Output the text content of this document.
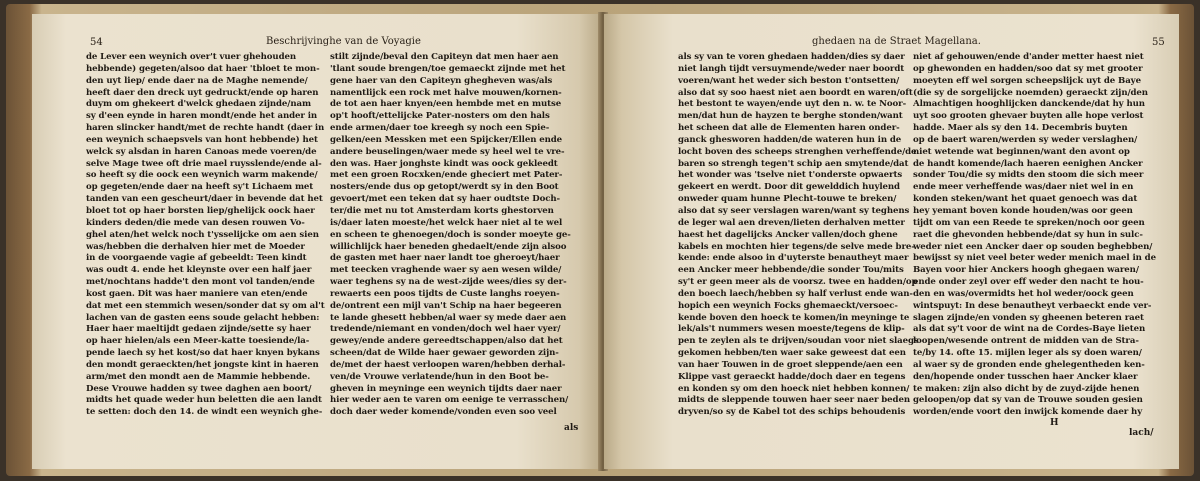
54	Beschrijvinghe van de Voyagie
de Lever een weynich over't vuer ghehouden
hebbende) gegeten/alsoo dat haer 'tbloet te mon-
den uyt liep/ ende daer na de Maghe nemende/
heeft daer den dreck uyt gedruckt/ende op haren
duym om ghekeert d'welck ghedaen zijnde/nam
sy d'een eynde in haren mondt/ende het ander in
haren slincker handt/met de rechte handt (daer in
een weynich schaepsvels van hont hebbende) het
welck sy alsdan in haren Canoas mede voeren/de
selve Mage twee oft drie mael ruysslende/ende al-
so heeft sy die oock een weynich warm makende/
op gegeten/ende daer na heeft sy't Lichaem met
tanden van een gescheurt/daer in bevende dat het
bloet tot op haer borsten liep/ghelijck oock haer
kinders deden/die mede van desen rouwen Vo-
ghel aten/het welck noch t'ysselijcke om aen sien
was/hebben die derhalven hier met de Moeder
in de voorgaende vagie af gebeeldt: Teen kindt
was oudt 4. ende het kleynste over een half jaer
met/nochtans hadde't den mont vol tanden/ende
kost gaen. Dit was haer maniere van eten/ende
dat met een stemmich wesen/sonder dat sy om al't
lachen van de gasten eens soude gelacht hebben:
Haer haer maeltijdt gedaen zijnde/sette sy haer
op haer hielen/als een Meer-katte toesiende/la-
pende laech sy het kost/so dat haer knyen bykans
den mondt geraeckten/het jongste kint in haeren
arm/met den mondt aen de Mammie hebbende.
Dese Vrouwe hadden sy twee daghen aen boort/
midts het quade weder hun beletten die aen landt
te setten: doch den 14. de windt een weynich ghe-
stilt zijnde/beval den Capiteyn dat men haer aen
'tlant soude brengen/toe gemaeckt zijnde met het
gene haer van den Capiteyn ghegheven was/als
namentlijck een rock met halve mouwen/kornen-
de tot aen haer knyen/een hembde met en mutse
op't hooft/ettelijcke Pater-nosters om den hals
ende armen/daer toe kreegh sy noch een Spie-
gelken/een Messken met een Spijcker/Ellen ende
andere beuselingen/waer mede sy heel wel te vre-
den was. Haer jonghste kindt was oock gekleedt
met een groen Rocxken/ende gheciert met Pater-
nosters/ende dus op getopt/werdt sy in den Boot
gevoert/met een teken dat sy haer oudtste Doch-
ter/die met nu tot Amsterdam korts ghestorven
is/daer laten moeste/het welck haer niet al te wel
en scheen te ghenoegen/doch is sonder moeyte ge-
willichlijck haer beneden ghedaelt/ende zijn alsoo
de gasten met haer naer landt toe gheroeyt/haer
met teecken vraghende waer sy aen wesen wilde/
waer teghens sy na de west-zijde wees/dies sy der-
rewaerts een poos tijdts de Custe langhs roeyen-
de/ontrent een mijl van't Schip na haer begeeren
te lande ghesett hebben/al waer sy mede daer aen
tredende/niemant en vonden/doch wel haer vyer/
gewey/ende andere gereedtschappen/also dat het
scheen/dat de Wilde haer gewaer geworden zijn-
de/met der haest verloopen waren/hebben derhal-
ven/de Vrouwe verlatende/hun in den Boot be-
gheven in meyninge een weynich tijdts daer naer
hier weder aen te varen om eenige te verrasschen/
doch daer weder komende/vonden even soo veel
als
ghedaen na de Straet Magellana.	55
als sy van te voren ghedaen hadden/dies sy daer
niet langh tijdt versuymende/weder naer boordt
voeren/want het weder sich beston t'ontsetten/
also dat sy soo haest niet aen boordt en waren/oft
het bestont te wayen/ende uyt den n. w. te Noor-
men/dat hun de hayzen te berghe stonden/want
het scheen dat alle de Elementen haren onder-
ganck ghesworen hadden/de wateren hun in de
locht boven des scheeps strenghen verheffende/de
baren so strengh tegen't schip aen smytende/dat
het wonder was 'tselve niet t'onderste opwaerts
gekeert en werdt. Door dit gewelddich huylend
onweder quam hunne Plecht-touwe te breken/
also dat sy seer verslagen waren/want sy teghens
de leger wal aen dreven/lieten derhalven metter
haest het dagelijcks Ancker vallen/doch ghene
kabels en mochten hier tegens/de selve mede bre-
kende: ende alsoo in d'uyterste benautheyt maer
een Ancker meer hebbende/die sonder Tou/mits
sy't er geen meer als de voorsz. twee en hadden/op
den boech laech/hebben sy half verlust ende wan-
hopich een weynich Focks ghemaeckt/versoec-
kende boven den hoeck te komen/in meyninge te
lek/als't nummers wesen moeste/tegens de klip-
pen te zeylen als te drijven/soudan voor niet slaegs
gekomen hebben/ten waer sake geweest dat een
van haer Touwen in de groet sleppende/aen een
Klippe vast geraeckt hadde/doch daer en tegens
en konden sy om den hoeck niet hebben konnen/
midts de sleppende touwen haer seer naer beden
dryven/so sy de Kabel tot des schips behoudenis
niet af gehouwen/ende d'ander metter haest niet
op ghewonden en hadden/soo dat sy met grooter
moeyten eff wel sorgen scheepslijck uyt de Baye
(die sy de sorgelijcke noemden) geraeckt zijn/den
Almachtigen hooghlijcken danckende/dat hy hun
uyt soo grooten ghevaer buyten alle hope verlost
hadde. Maer als sy den 14. Decembris buyten
op de baert waren/werden sy weder verslaghen/
niet wetende wat beginnen/want den avont op
de handt komende/lach haeren eenighen Ancker
sonder Tou/die sy midts den stoom die sich meer
ende meer verheffende was/daer niet wel in en
konden steken/want het quaet genoech was dat
hey yemant boven konde houden/was oor geen
tijdt om van een Reede te spreken/noch oor geen
raet die ghevonden hebbende/dat sy hun in sulc-
weder niet een Ancker daer op souden beghebben/
bewijsst sy niet veel beter weder menich mael in de
Bayen voor hier Anckers hoogh ghegaen waren/
ende onder zeyl over eff weder den nacht te hou-
den en was/overmidts het hol weder/oock geen
wintspuyt: In dese benautheyt verbaeckt ende ver-
slagen zijnde/en vonden sy gheenen beteren raet
als dat sy't voor de wint na de Cordes-Baye lieten
loopen/wesende ontrent de midden van de Stra-
te/by 14. ofte 15. mijlen leger als sy doen waren/
al waer sy de gronden ende ghelegentheden ken-
den/hopende onder tusschen haer Ancker klaer
te maken: zijn also dicht by de zuyd-zijde henen
geloopen/op dat sy van de Trouwe souden gesien
worden/ende voort den inwijck komende daer hy
H
lach/
